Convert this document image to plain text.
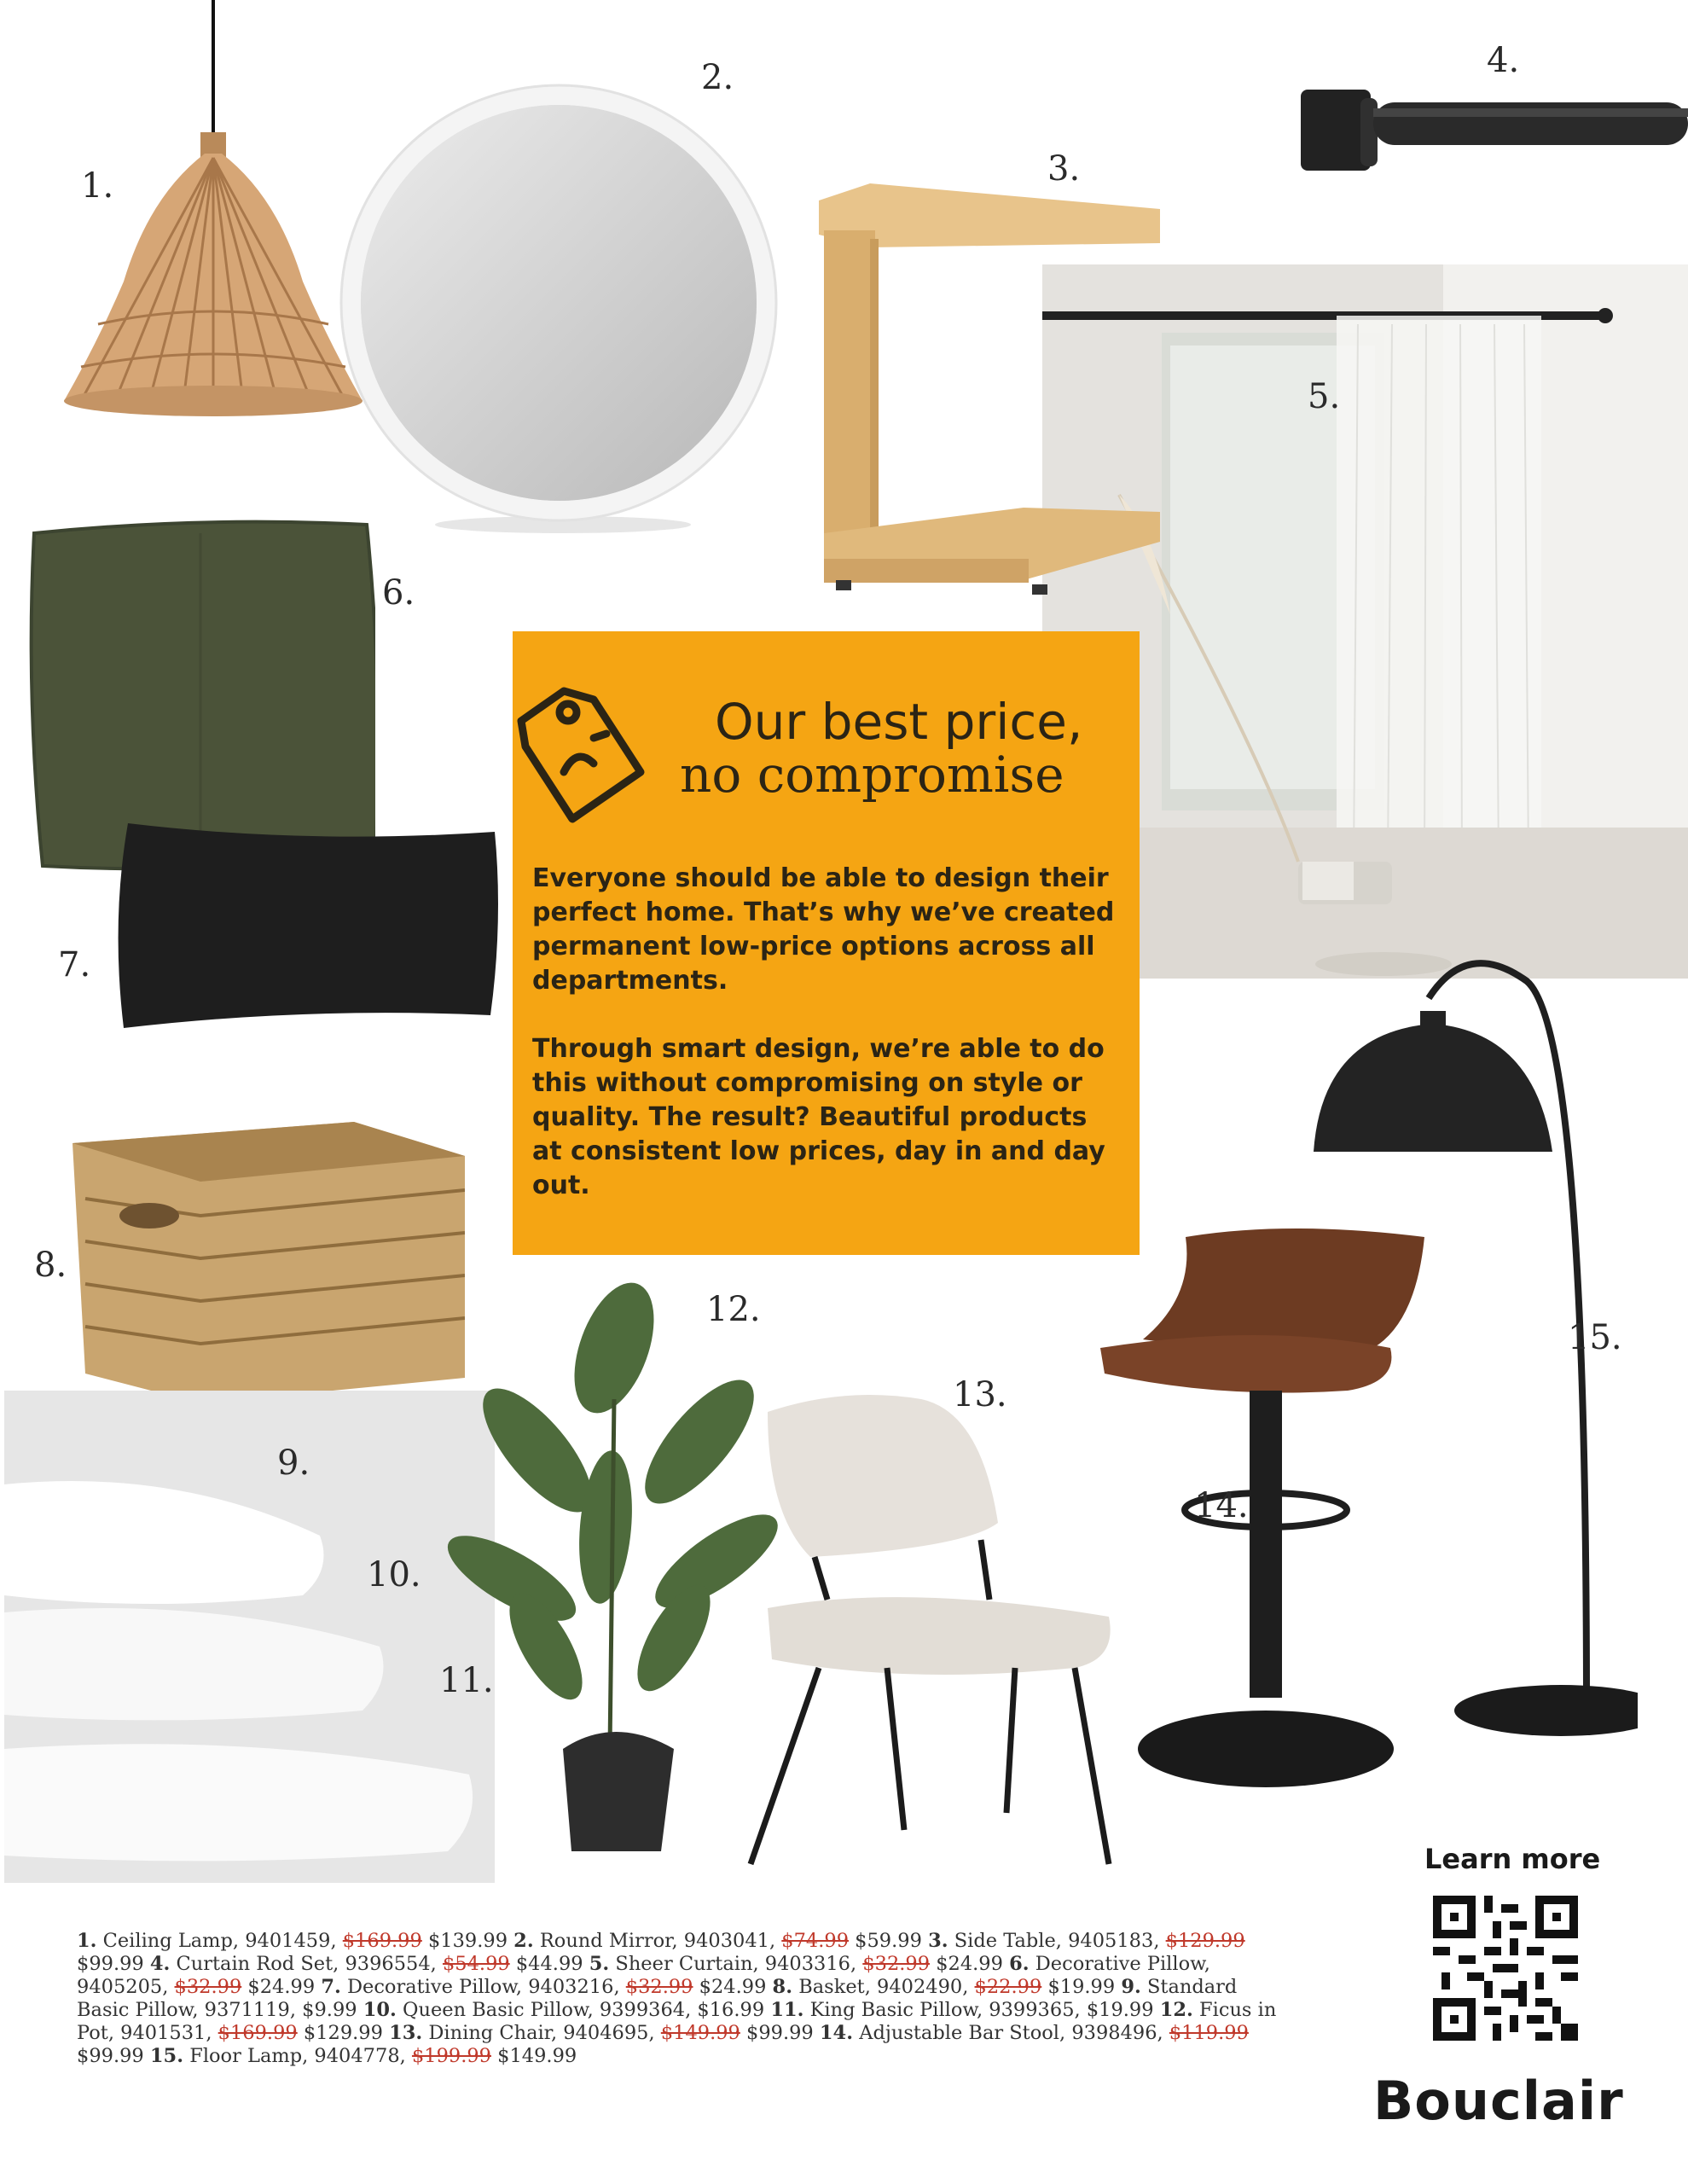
1.
2.
3.
4.
5.
6.
7.
8.
9.
10.
11.
12.
13.
14.
15.
Our best price,
no compromise

Everyone should be able to design their perfect home. That’s why we’ve created permanent low-price options across all departments.

Through smart design, we’re able to do this without compromising on style or quality. The result? Beautiful products at consistent low prices, day in and day out.

1. Ceiling Lamp, 9401459, $169.99 $139.99 2. Round Mirror, 9403041, $74.99 $59.99 3. Side Table, 9405183, $129.99 $99.99 4. Curtain Rod Set, 9396554, $54.99 $44.99 5. Sheer Curtain, 9403316, $32.99 $24.99 6. Decorative Pillow, 9405205, $32.99 $24.99 7. Decorative Pillow, 9403216, $32.99 $24.99 8. Basket, 9402490, $22.99 $19.99 9. Standard Basic Pillow, 9371119, $9.99 10. Queen Basic Pillow, 9399364, $16.99 11. King Basic Pillow, 9399365, $19.99 12. Ficus in Pot, 9401531, $169.99 $129.99 13. Dining Chair, 9404695, $149.99 $99.99 14. Adjustable Bar Stool, 9398496, $119.99 $99.99 15. Floor Lamp, 9404778, $199.99 $149.99
Learn more
Bouclair
